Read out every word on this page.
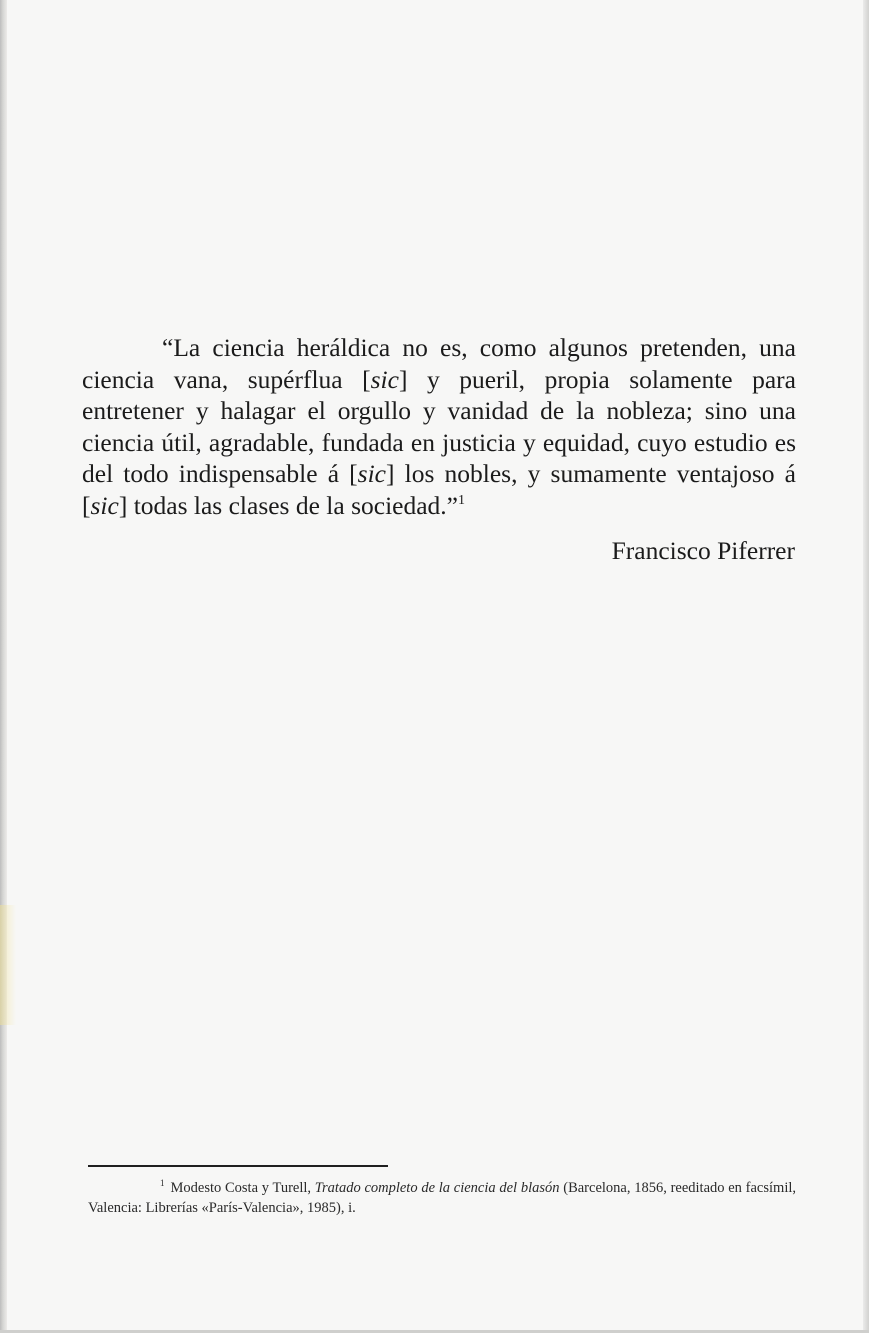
“La ciencia heráldica no es, como algunos pretenden, una ciencia vana, supérflua [sic] y pueril, propia solamente para entretener y halagar el orgullo y vanidad de la nobleza; sino una ciencia útil, agradable, fundada en justicia y equidad, cuyo estudio es del todo indispensable á [sic] los nobles, y sumamente ventajoso á [sic] todas las clases de la sociedad.”$^1$

Francisco Piferrer

$^1$ Modesto Costa y Turell, Tratado completo de la ciencia del blasón (Barcelona, 1856, reeditado en facsímil, Valencia: Librerías «París-Valencia», 1985), i.
